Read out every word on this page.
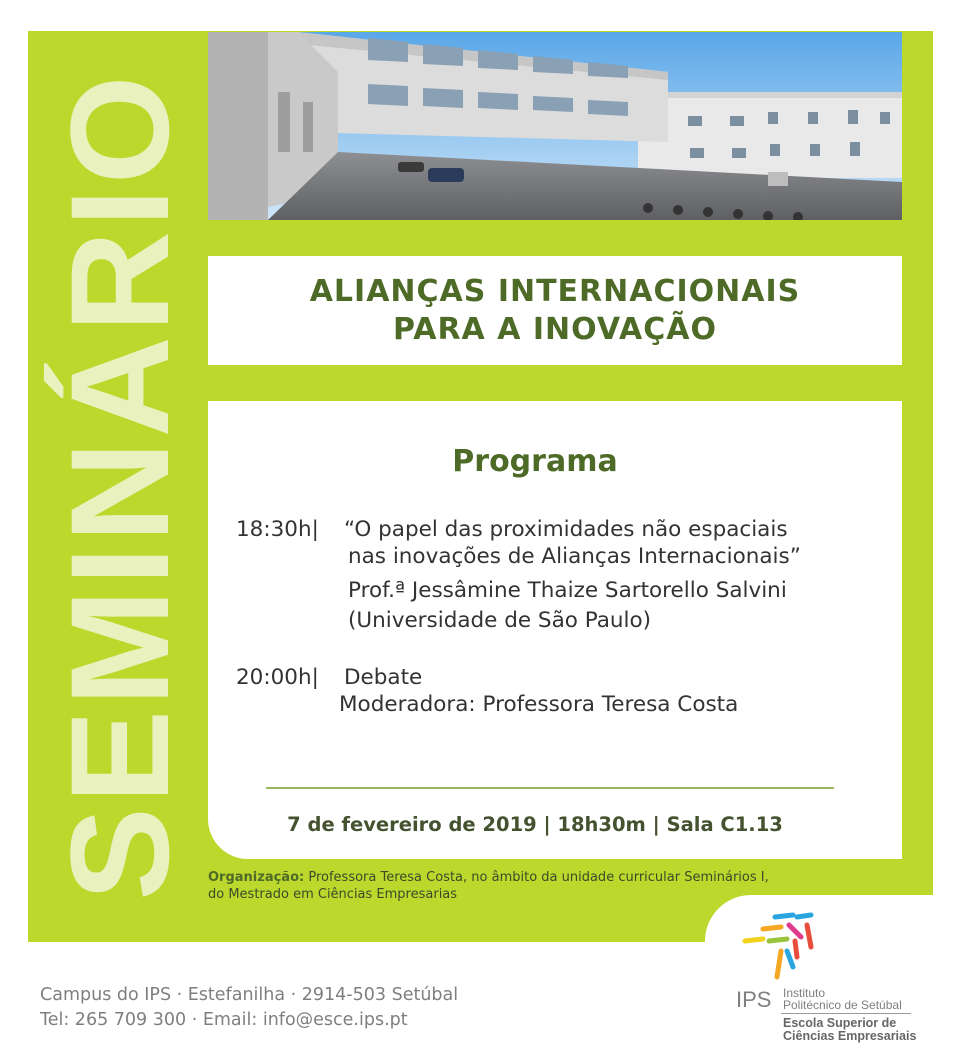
SEMINÁRIO	ALIANÇAS INTERNACIONAIS
PARA A INOVAÇÃO
Programa
18:30h| “O papel das proximidades não espaciais
nas inovações de Alianças Internacionais”
Prof.ª Jessâmine Thaize Sartorello Salvini
(Universidade de São Paulo)
20:00h| Debate
Moderadora: Professora Teresa Costa
7 de fevereiro de 2019 | 18h30m | Sala C1.13
Organização: Professora Teresa Costa, no âmbito da unidade curricular Seminários I,
do Mestrado em Ciências Empresarias
IPS Instituto
Politécnico de Setúbal
Escola Superior de
Ciências Empresariais
Campus do IPS · Estefanilha · 2914-503 Setúbal
Tel: 265 709 300 · Email: info@esce.ips.pt
